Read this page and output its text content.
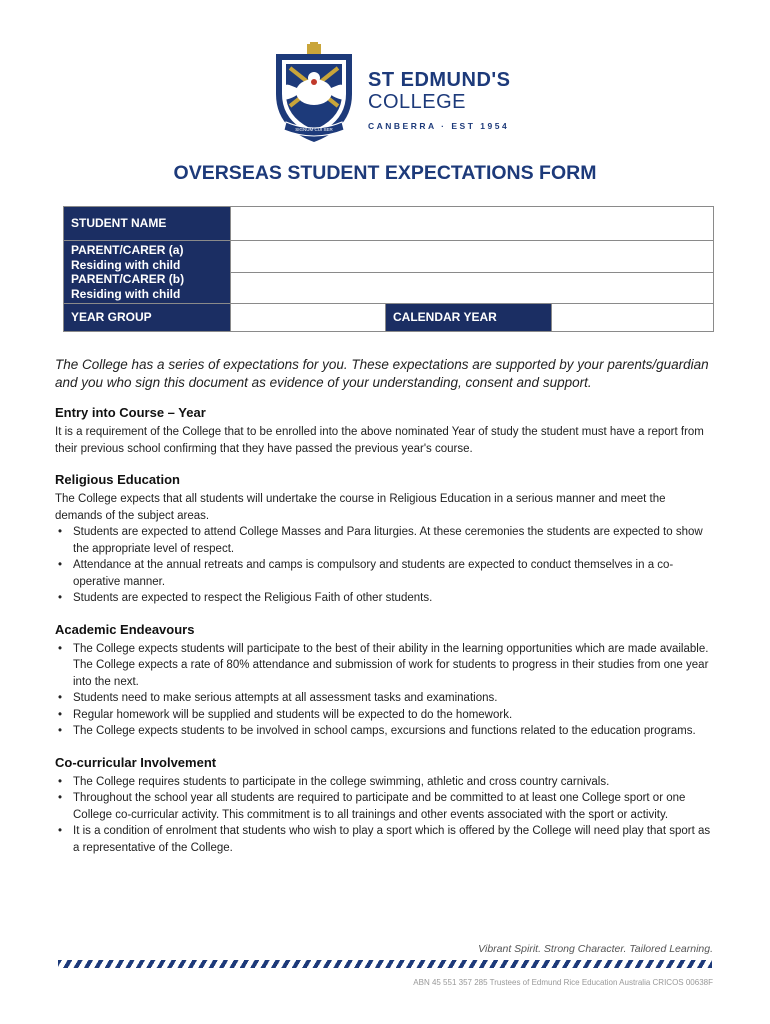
SIGNUM CUI SER
ST EDMUND'S
COLLEGE
CANBERRA · EST 1954
OVERSEAS STUDENT EXPECTATIONS FORM
STUDENT NAME			

PARENT/CARER (a)
Residing with child
PARENT/CARER (b)
Residing with child			

YEAR GROUP		CALENDAR YEAR	
The College has a series of expectations for you. These expectations are supported by your parents/guardian and you who sign this document as evidence of your understanding, consent and support.
Entry into Course – Year

It is a requirement of the College that to be enrolled into the above nominated Year of study the student must have a report from their previous school confirming that they have passed the previous year's course.

Religious Education

The College expects that all students will undertake the course in Religious Education in a serious manner and meet the demands of the subject areas.

• Students are expected to attend College Masses and Para liturgies. At these ceremonies the students are expected to show the appropriate level of respect.
• Attendance at the annual retreats and camps is compulsory and students are expected to conduct themselves in a co-operative manner.
• Students are expected to respect the Religious Faith of other students.
Academic Endeavours
• The College expects students will participate to the best of their ability in the learning opportunities which are made available. The College expects a rate of 80% attendance and submission of work for students to progress in their studies from one year into the next.
• Students need to make serious attempts at all assessment tasks and examinations.
• Regular homework will be supplied and students will be expected to do the homework.
• The College expects students to be involved in school camps, excursions and functions related to the education programs.
Co-curricular Involvement
• The College requires students to participate in the college swimming, athletic and cross country carnivals.
• Throughout the school year all students are required to participate and be committed to at least one College sport or one College co-curricular activity. This commitment is to all trainings and other events associated with the sport or activity.
• It is a condition of enrolment that students who wish to play a sport which is offered by the College will need play that sport as a representative of the College.
Vibrant Spirit. Strong Character. Tailored Learning.
ABN 45 551 357 285 Trustees of Edmund Rice Education Australia CRICOS 00638F
